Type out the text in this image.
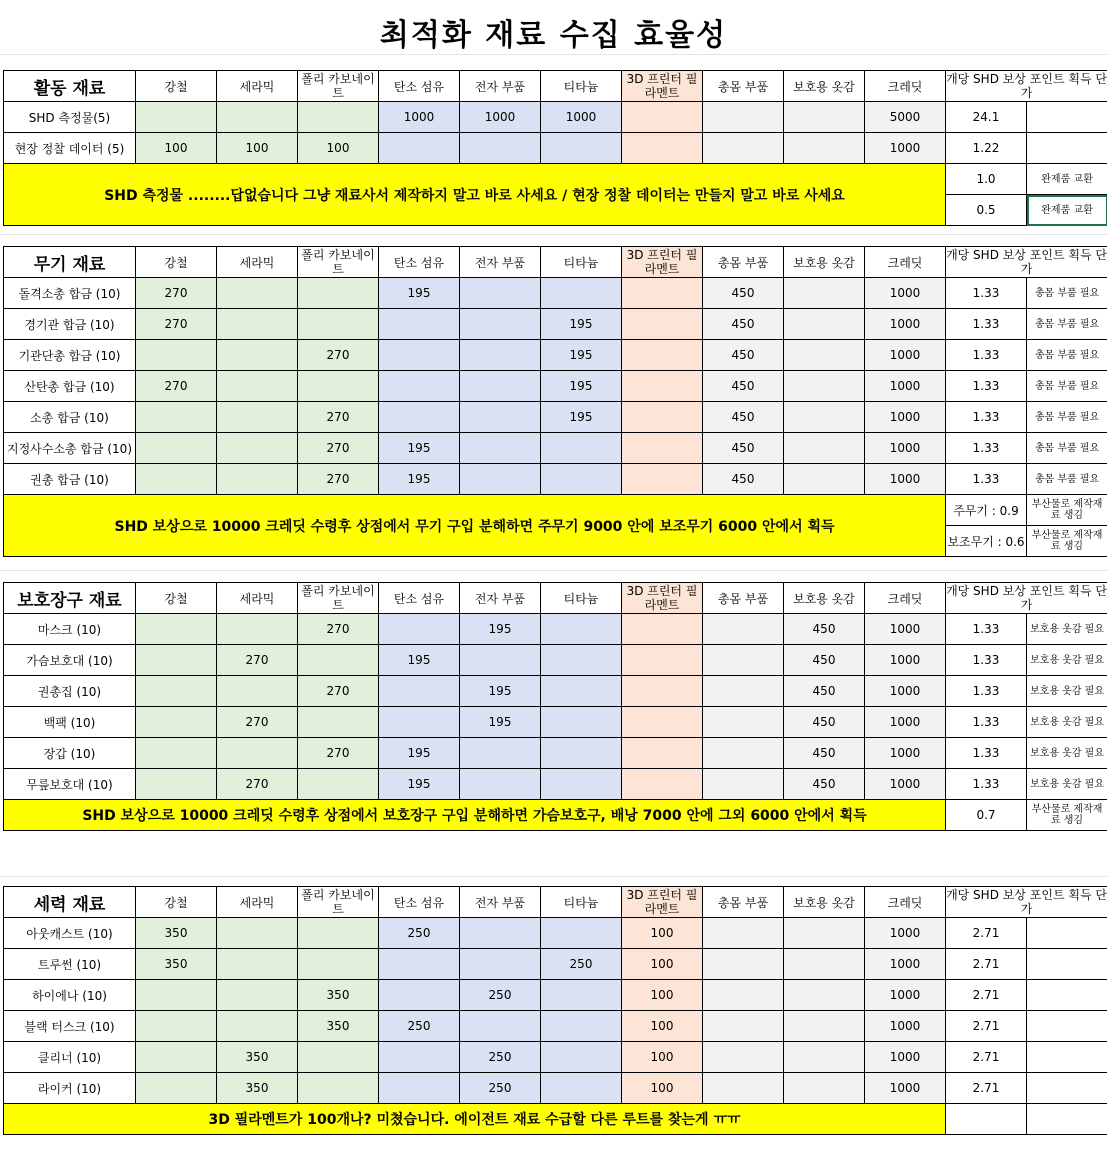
최적화 재료 수집 효율성
활동 재료	강철	세라믹	폴리 카보네이트	탄소 섬유	전자 부품	티타늄	3D 프린터 필라멘트	총몸 부품	보호용 옷감	크레딧	개당 SHD 보상 포인트 획득 단가	
SHD 측정물(5)				1000	1000	1000				5000	24.1	
현장 정찰 데이터 (5)	100	100	100							1000	1.22	
SHD 측정물 ........답없습니다 그냥 재료사서 제작하지 말고 바로 사세요 / 현장 정찰 데이터는 만들지 말고 바로 사세요											1.0	완제품 교환
											0.5	완제품 교환
무기 재료	강철	세라믹	폴리 카보네이트	탄소 섬유	전자 부품	티타늄	3D 프린터 필라멘트	총몸 부품	보호용 옷감	크레딧	개당 SHD 보상 포인트 획득 단가	
돌격소총 합금 (10)	270			195				450		1000	1.33	총몸 부품 필요
경기관 합금 (10)	270					195		450		1000	1.33	총몸 부품 필요
기관단총 합금 (10)			270			195		450		1000	1.33	총몸 부품 필요
산탄총 합금 (10)	270					195		450		1000	1.33	총몸 부품 필요
소총 합금 (10)			270			195		450		1000	1.33	총몸 부품 필요
지정사수소총 합금 (10)			270	195				450		1000	1.33	총몸 부품 필요
권총 합금 (10)			270	195				450		1000	1.33	총몸 부품 필요
SHD 보상으로 10000 크레딧 수령후 상점에서 무기 구입 분해하면 주무기 9000 안에 보조무기 6000 안에서 획득											주무기 : 0.9	부산물로 제작재료 생김
											보조무기 : 0.6	부산물로 제작재료 생김
보호장구 재료	강철	세라믹	폴리 카보네이트	탄소 섬유	전자 부품	티타늄	3D 프린터 필라멘트	총몸 부품	보호용 옷감	크레딧	개당 SHD 보상 포인트 획득 단가	
마스크 (10)			270		195				450	1000	1.33	보호용 옷감 필요
가슴보호대 (10)		270		195					450	1000	1.33	보호용 옷감 필요
권총집 (10)			270		195				450	1000	1.33	보호용 옷감 필요
백팩 (10)		270			195				450	1000	1.33	보호용 옷감 필요
장갑 (10)			270	195					450	1000	1.33	보호용 옷감 필요
무릎보호대 (10)		270		195					450	1000	1.33	보호용 옷감 필요
SHD 보상으로 10000 크레딧 수령후 상점에서 보호장구 구입 분해하면 가슴보호구, 배낭 7000 안에 그외 6000 안에서 획득											0.7	부산물로 제작재료 생김

세력 재료	강철	세라믹	폴리 카보네이트	탄소 섬유	전자 부품	티타늄	3D 프린터 필라멘트	총몸 부품	보호용 옷감	크레딧	개당 SHD 보상 포인트 획득 단가	
아웃캐스트 (10)	350			250			100			1000	2.71	
트루썬 (10)	350					250	100			1000	2.71	
하이에나 (10)			350		250		100			1000	2.71	
블랙 터스크 (10)			350	250			100			1000	2.71	
클리너 (10)		350			250		100			1000	2.71	
라이커 (10)		350			250		100			1000	2.71	
3D 필라멘트가 100개나? 미쳤습니다. 에이전트 재료 수급할 다른 루트를 찾는게 ㅠㅠ												
